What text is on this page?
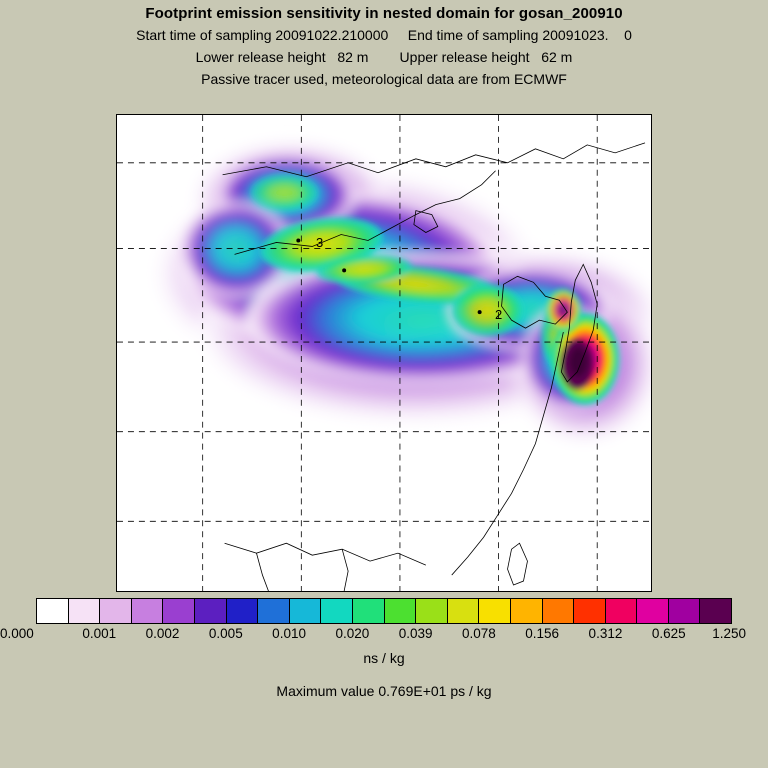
Footprint emission sensitivity in nested domain for gosan_200910
Start time of sampling 20091022.210000     End time of sampling 20091023.    0
Lower release height   82 m        Upper release height   62 m
Passive tracer used, meteorological data are from ECMWF
3
2
0.000	0.001 0.002 0.005 0.010 0.020 0.039 0.078 0.156 0.312 0.625 1.250
ns / kg
Maximum value 0.769E+01 ps / kg
